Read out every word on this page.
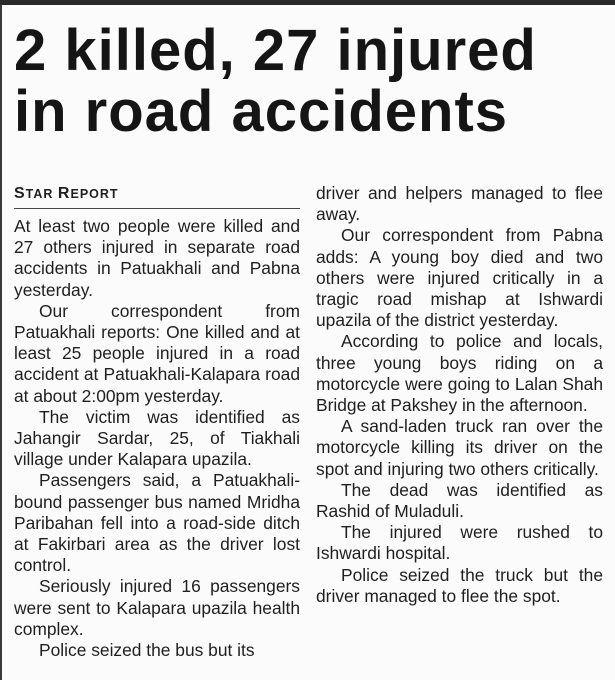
2 killed, 27 injured
in road accidents
STAR REPORT

At least two people were killed and 27 others injured in separate road accidents in Patuakhali and Pabna yesterday.

Our correspondent from Patuakhali reports: One killed and at least 25 people injured in a road accident at Patuakhali-Kalapara road at about 2:00pm yesterday.

The victim was identified as Jahangir Sardar, 25, of Tiakhali village under Kalapara upazila.

Passengers said, a Patuakhali-bound passenger bus named Mridha Paribahan fell into a road-side ditch at Fakirbari area as the driver lost control.

Seriously injured 16 passengers were sent to Kalapara upazila health complex.

Police seized the bus but its

driver and helpers managed to flee away.

Our correspondent from Pabna adds: A young boy died and two others were injured critically in a tragic road mishap at Ishwardi upazila of the district yesterday.

According to police and locals, three young boys riding on a motorcycle were going to Lalan Shah Bridge at Pakshey in the afternoon.

A sand-laden truck ran over the motorcycle killing its driver on the spot and injuring two others critically.

The dead was identified as Rashid of Muladuli.

The injured were rushed to Ishwardi hospital.

Police seized the truck but the driver managed to flee the spot.
